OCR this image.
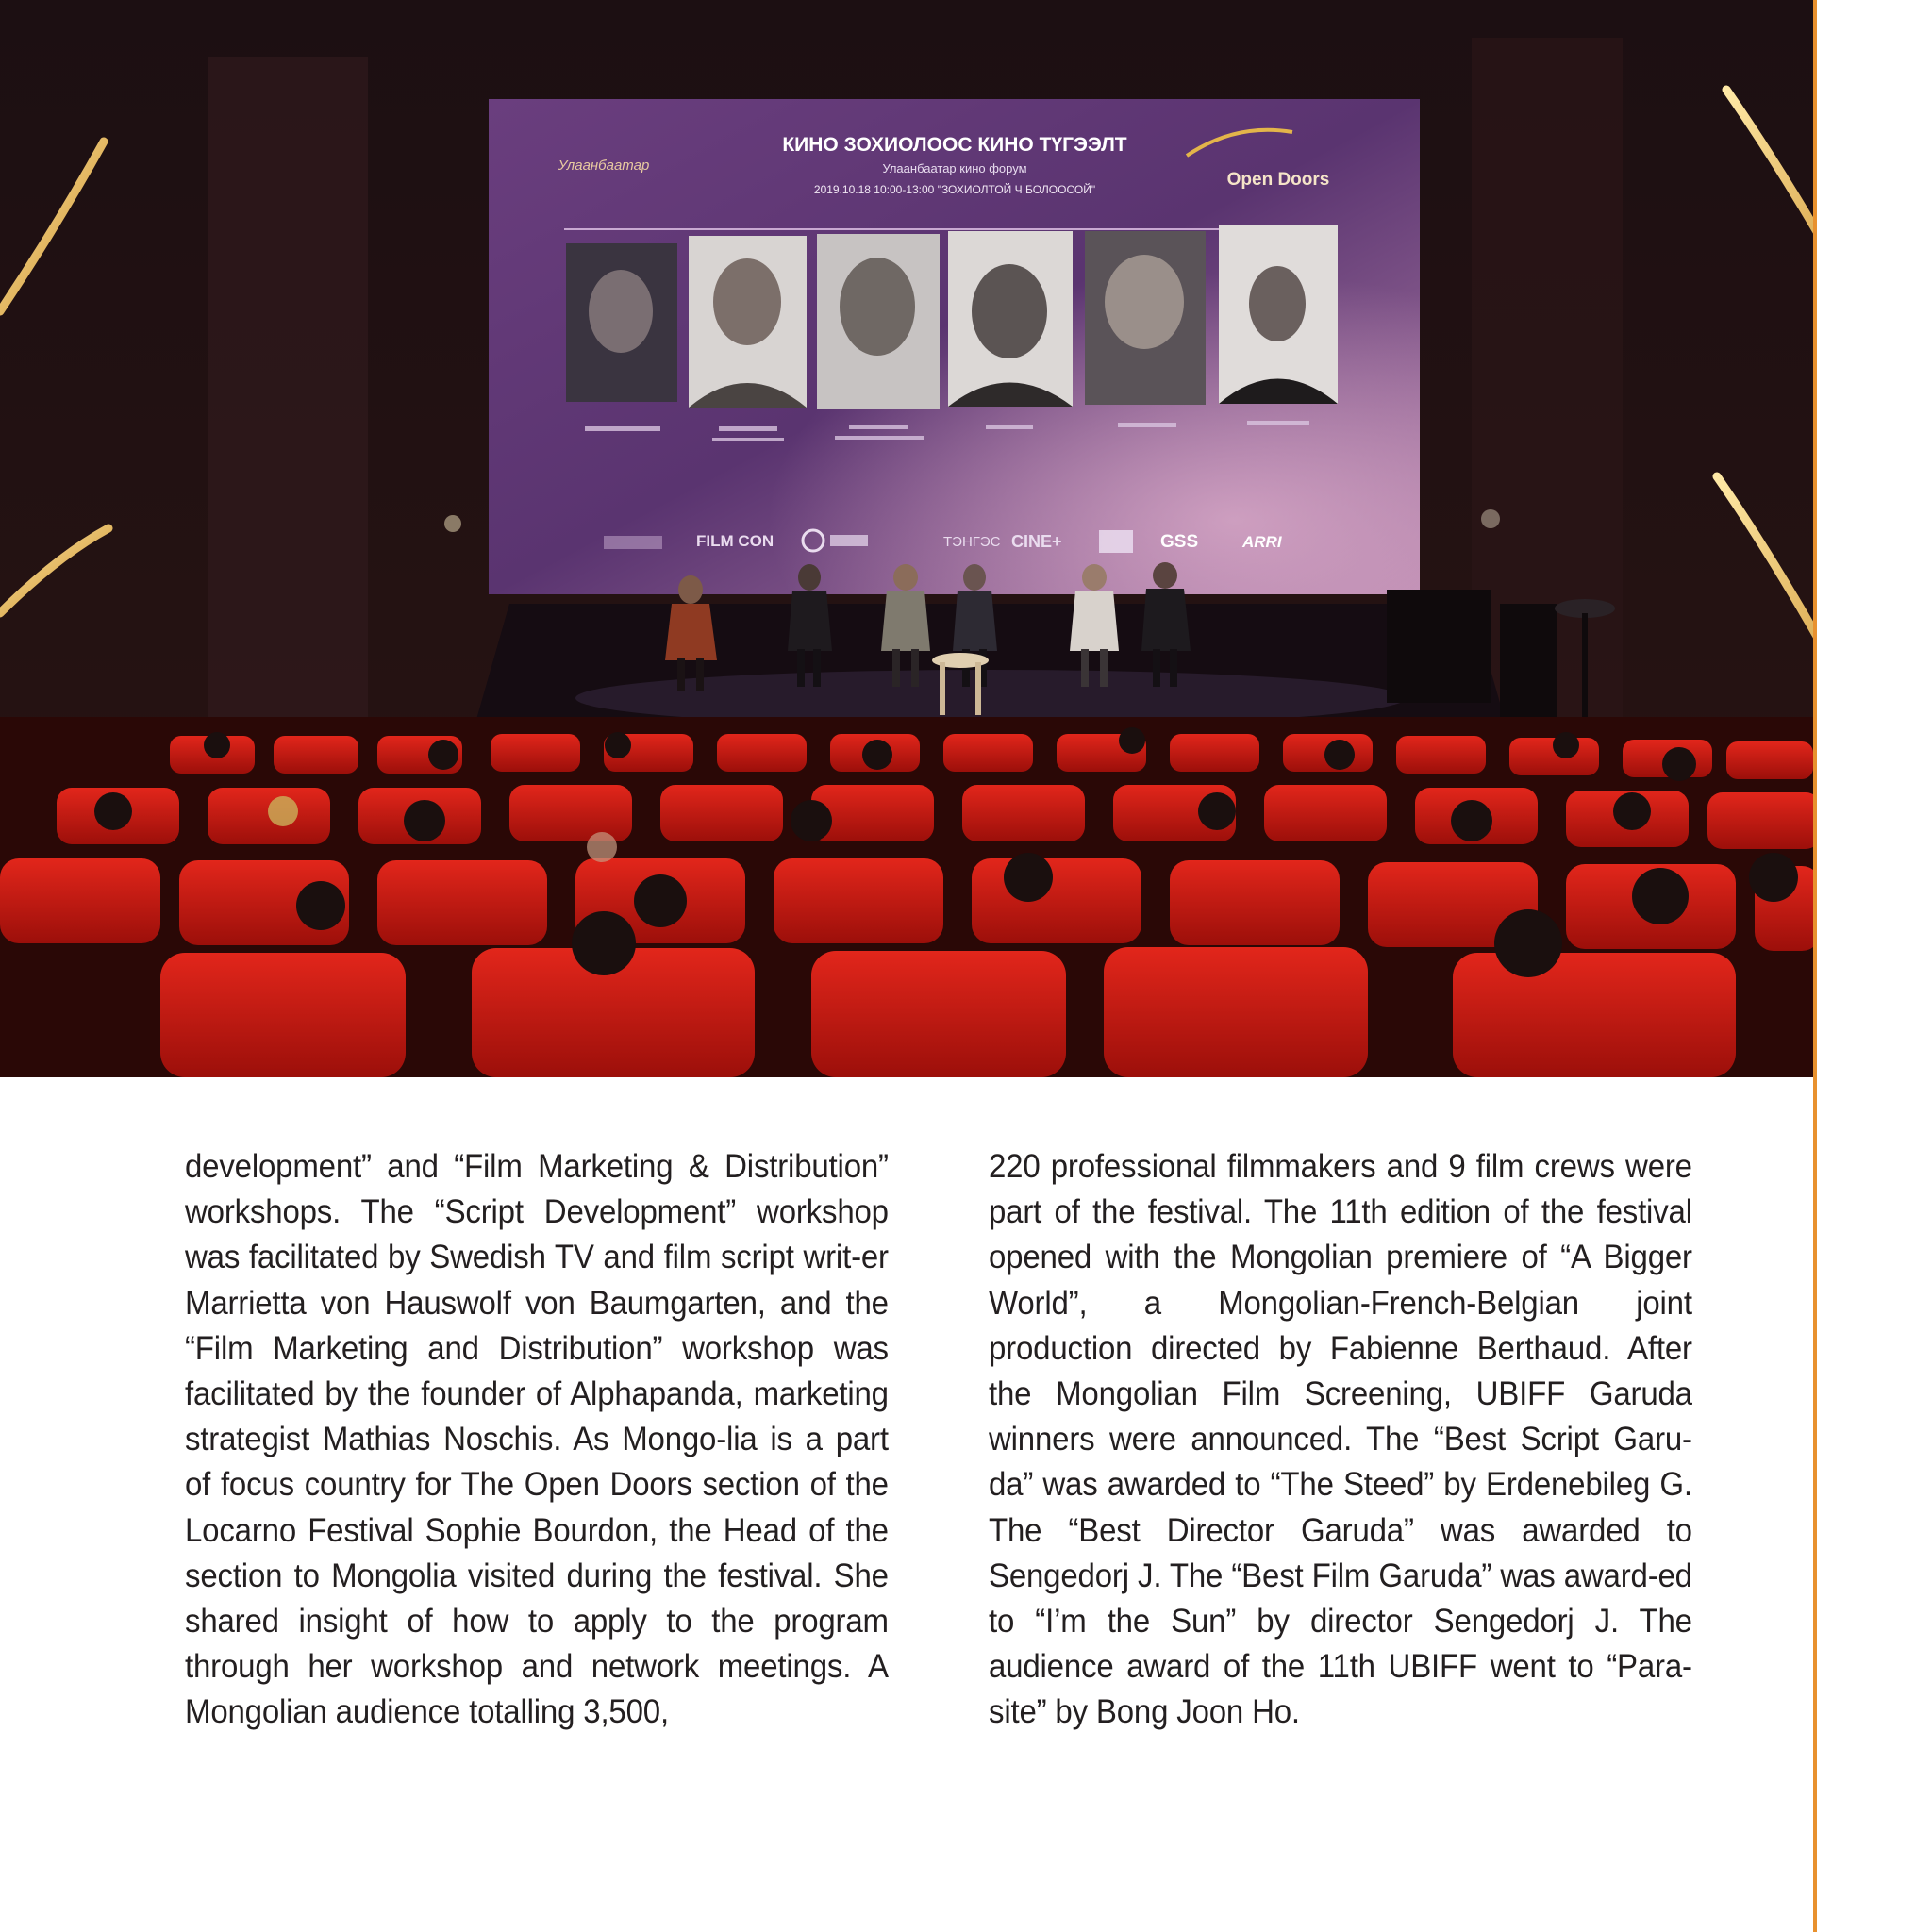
КИНО ЗОХИОЛООС КИНО ТҮГЭЭЛТ
Улаанбаатар кино форум
2019.10.18 10:00-13:00 "ЗОХИОЛТОЙ Ч БОЛООСОЙ"
Улаанбаатар
Open Doors
FILM CON	ТЭНГЭС CINE+	GSS	ARRI

development” and “Film Marketing & Distribution” workshops. The “Script Development” workshop was facilitated by Swedish TV and film script writ-er Marrietta von Hauswolf von Baumgarten, and the “Film Marketing and Distribution” workshop was facilitated by the founder of Alphapanda, marketing strategist Mathias Noschis. As Mongo-lia is a part of focus country for The Open Doors section of the Locarno Festival Sophie Bourdon, the Head of the section to Mongolia visited during the festival. She shared insight of how to apply to the program through her workshop and network meetings. A Mongolian audience totalling 3,500,

220 professional filmmakers and 9 film crews were part of the festival. The 11th edition of the festival opened with the Mongolian premiere of “A Bigger World”, a Mongolian-French-Belgian joint production directed by Fabienne Berthaud. After the Mongolian Film Screening, UBIFF Garuda winners were announced. The “Best Script Garu-da” was awarded to “The Steed” by Erdenebileg G. The “Best Director Garuda” was awarded to Sengedorj J. The “Best Film Garuda” was award-ed to “I’m the Sun” by director Sengedorj J. The audience award of the 11th UBIFF went to “Para-site” by Bong Joon Ho.
